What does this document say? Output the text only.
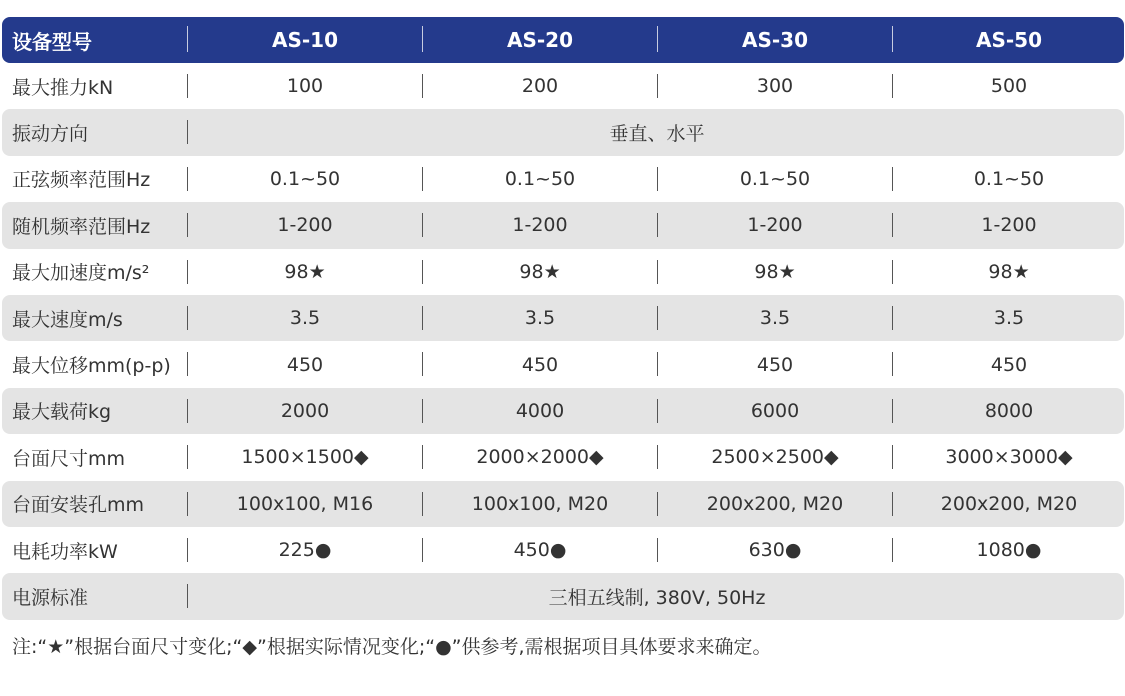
设备型号	AS-10	AS-20	AS-30	AS-50
最大推力kN	100	200	300	500
振动方向	垂直、水平
正弦频率范围Hz	0.1~50	0.1~50	0.1~50	0.1~50
随机频率范围Hz	1-200	1-200	1-200	1-200
最大加速度m/s²	98★	98★	98★	98★
最大速度m/s	3.5	3.5	3.5	3.5
最大位移mm(p-p)	450	450	450	450
最大载荷kg	2000	4000	6000	8000
台面尺寸mm	1500×1500◆	2000×2000◆	2500×2500◆	3000×3000◆
台面安装孔mm	100x100, M16	100x100, M20	200x200, M20	200x200, M20
电耗功率kW	225●	450●	630●	1080●
电源标准	三相五线制, 380V, 50Hz
注:“★”根据台面尺寸变化;“◆”根据实际情况变化;“●”供参考,需根据项目具体要求来确定。
